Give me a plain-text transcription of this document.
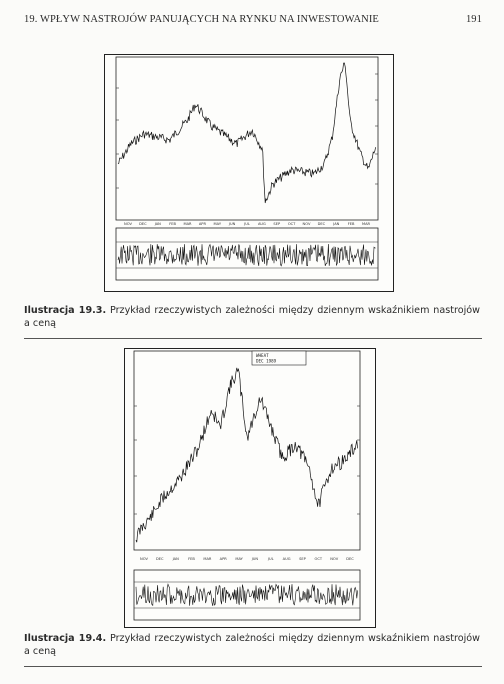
19. WPŁYW NASTROJÓW PANUJĄCYCH NA RYNKU NA INWESTOWANIE	191
NOV DEC JAN FEB MAR APR MAY JUN JUL AUG SEP OCT NOV DEC JAN FEB MAR
Ilustracja 19.3. Przykład rzeczywistych zależności między dziennym wskaźnikiem nastrojów a ceną
WHEAT
DEC 1989
NOV DEC	JAN	FEB MAR APR MAY JUN	JUL	AUG SEP OCT NOV DEC
Ilustracja 19.4. Przykład rzeczywistych zależności między dziennym wskaźnikiem nastrojów a ceną
